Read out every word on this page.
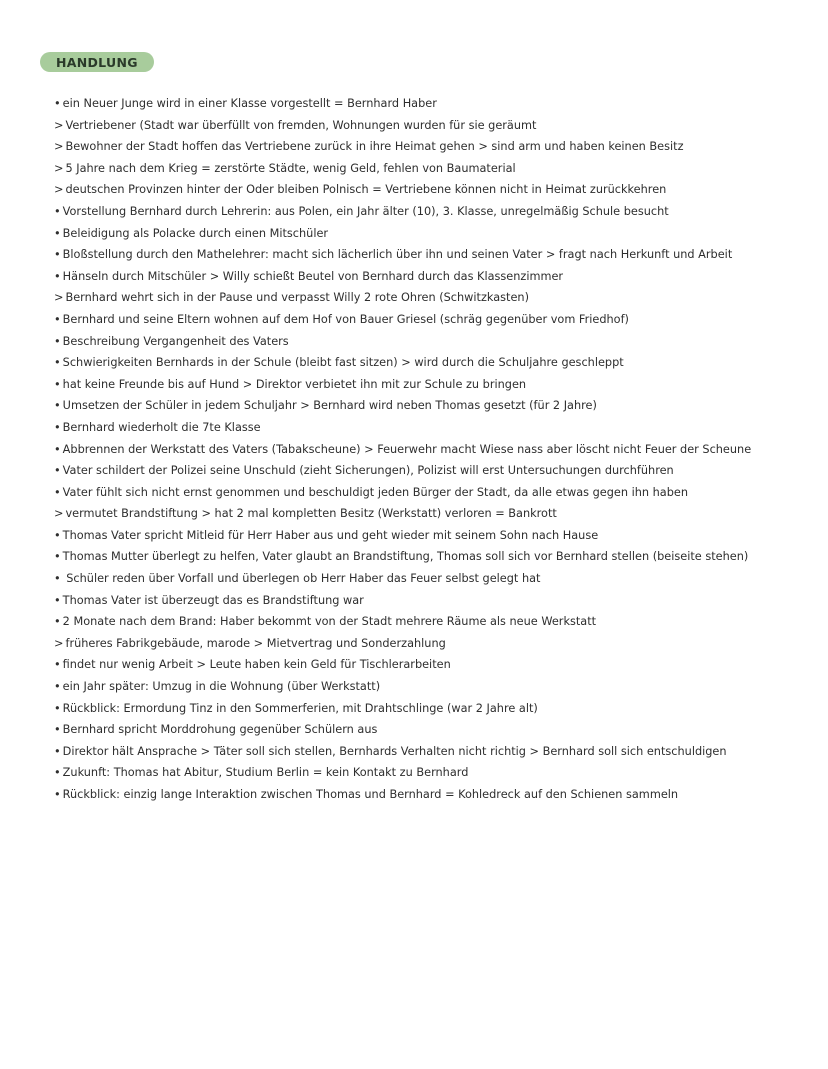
HANDLUNG
• ein Neuer Junge wird in einer Klasse vorgestellt = Bernhard Haber
> Vertriebener (Stadt war überfüllt von fremden, Wohnungen wurden für sie geräumt
> Bewohner der Stadt hoffen das Vertriebene zurück in ihre Heimat gehen > sind arm und haben keinen Besitz
> 5 Jahre nach dem Krieg = zerstörte Städte, wenig Geld, fehlen von Baumaterial
> deutschen Provinzen hinter der Oder bleiben Polnisch = Vertriebene können nicht in Heimat zurückkehren
• Vorstellung Bernhard durch Lehrerin: aus Polen, ein Jahr älter (10), 3. Klasse, unregelmäßig Schule besucht
• Beleidigung als Polacke durch einen Mitschüler
• Bloßstellung durch den Mathelehrer: macht sich lächerlich über ihn und seinen Vater > fragt nach Herkunft und Arbeit
• Hänseln durch Mitschüler > Willy schießt Beutel von Bernhard durch das Klassenzimmer
> Bernhard wehrt sich in der Pause und verpasst Willy 2 rote Ohren (Schwitzkasten)
• Bernhard und seine Eltern wohnen auf dem Hof von Bauer Griesel (schräg gegenüber vom Friedhof)
• Beschreibung Vergangenheit des Vaters
• Schwierigkeiten Bernhards in der Schule (bleibt fast sitzen) > wird durch die Schuljahre geschleppt
• hat keine Freunde bis auf Hund > Direktor verbietet ihn mit zur Schule zu bringen
• Umsetzen der Schüler in jedem Schuljahr > Bernhard wird neben Thomas gesetzt (für 2 Jahre)
• Bernhard wiederholt die 7te Klasse
• Abbrennen der Werkstatt des Vaters (Tabakscheune) > Feuerwehr macht Wiese nass aber löscht nicht Feuer der Scheune
• Vater schildert der Polizei seine Unschuld (zieht Sicherungen), Polizist will erst Untersuchungen durchführen
• Vater fühlt sich nicht ernst genommen und beschuldigt jeden Bürger der Stadt, da alle etwas gegen ihn haben
> vermutet Brandstiftung > hat 2 mal kompletten Besitz (Werkstatt) verloren = Bankrott
• Thomas Vater spricht Mitleid für Herr Haber aus und geht wieder mit seinem Sohn nach Hause
• Thomas Mutter überlegt zu helfen, Vater glaubt an Brandstiftung, Thomas soll sich vor Bernhard stellen (beiseite stehen)
• Schüler reden über Vorfall und überlegen ob Herr Haber das Feuer selbst gelegt hat
• Thomas Vater ist überzeugt das es Brandstiftung war
• 2 Monate nach dem Brand: Haber bekommt von der Stadt mehrere Räume als neue Werkstatt
> früheres Fabrikgebäude, marode > Mietvertrag und Sonderzahlung
• findet nur wenig Arbeit > Leute haben kein Geld für Tischlerarbeiten
• ein Jahr später: Umzug in die Wohnung (über Werkstatt)
• Rückblick: Ermordung Tinz in den Sommerferien, mit Drahtschlinge (war 2 Jahre alt)
• Bernhard spricht Morddrohung gegenüber Schülern aus
• Direktor hält Ansprache > Täter soll sich stellen, Bernhards Verhalten nicht richtig > Bernhard soll sich entschuldigen
• Zukunft: Thomas hat Abitur, Studium Berlin = kein Kontakt zu Bernhard
• Rückblick: einzig lange Interaktion zwischen Thomas und Bernhard = Kohledreck auf den Schienen sammeln
